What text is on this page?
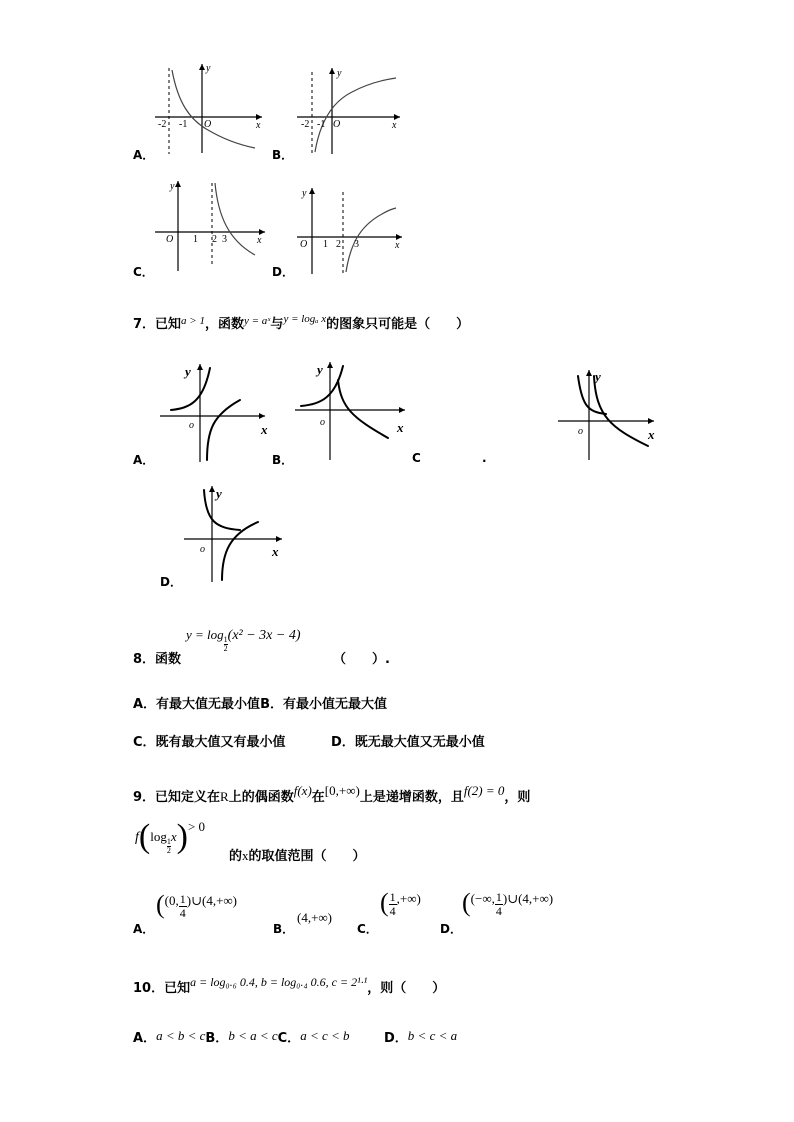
A．
y
x
O
-2 -1
B．
y
x
O
-2 -1
C．
y
x
O 1 2 3
D．
O	x
y
1 2 3
7．已知$^{a > 1}$，函数$^{y = aˣ}$与$^{y = log_a x}$的图象只可能是（　　）
A．
y
x
o
B．
y
x
o
C	.
y
x
o
D．
y
x
o
y = log
$\frac{1}{2}$
(x² − 3x − 4)
8．函数	（　　）.
A．有最大值无最小值B．有最小值无最大值
C．既有最大值又有最小值	D．既无最大值又无最小值
9．已知定义在R上的偶函数f(x)在[0,+∞)上是递增函数，且f(2) = 0，则
f(log
$\frac{1}{2}$
x)$^{> 0}$
的x的取值范围（　　）
A．
($^{(0,} \frac{1}{4} ^{)\cup(4,+\infty)}$
B．
(4,+∞)
C．
( $\frac{1}{4} ^{,+\infty)}$
D．
($^{(-\infty,} \frac{1}{4} ^{)\cup(4,+\infty)}$
10．已知a = log₀.₆ 0.4, b = log₀.₄ 0.6, c = 2¹·¹，则（　　）
A．a < b < cB．b < a < cC．a < c < b	D．b < c < a
